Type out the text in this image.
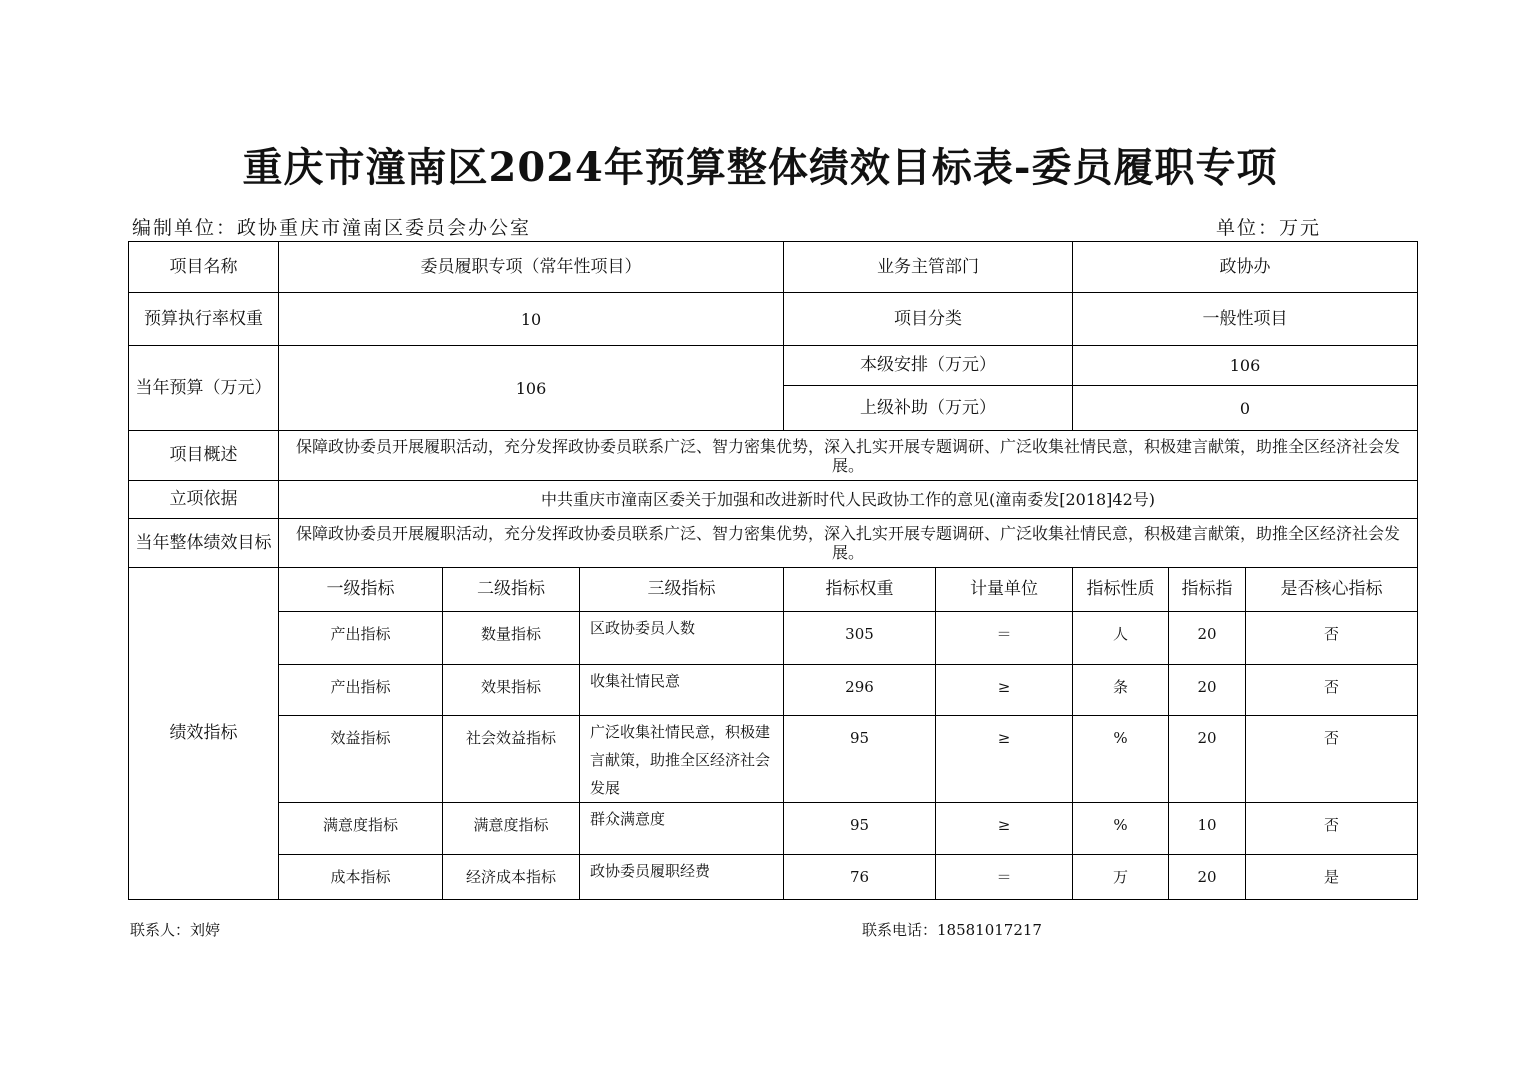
重庆市潼南区2024年预算整体绩效目标表-委员履职专项
编制单位：政协重庆市潼南区委员会办公室	单位：万元
项目名称	委员履职专项（常年性项目）			业务主管部门		政协办		
预算执行率权重	10			项目分类		一般性项目		
当年预算（万元）	106			本级安排（万元）		106		
				上级补助（万元）		0		
项目概述	保障政协委员开展履职活动，充分发挥政协委员联系广泛、智力密集优势，深入扎实开展专题调研、广泛收集社情民意，积极建言献策，助推全区经济社会发展。							
立项依据	中共重庆市潼南区委关于加强和改进新时代人民政协工作的意见(潼南委发[2018]42号)							
当年整体绩效目标	保障政协委员开展履职活动，充分发挥政协委员联系广泛、智力密集优势，深入扎实开展专题调研、广泛收集社情民意，积极建言献策，助推全区经济社会发展。							
绩效指标	一级指标	二级指标	三级指标	指标权重	计量单位	指标性质	指标指	是否核心指标
	产出指标	数量指标	区政协委员人数	305	＝	人	20	否
	产出指标	效果指标	收集社情民意	296	≥	条	20	否
	效益指标	社会效益指标	广泛收集社情民意，积极建言献策，助推全区经济社会发展	95	≥	%	20	否
	满意度指标	满意度指标	群众满意度	95	≥	%	10	否
	成本指标	经济成本指标	政协委员履职经费	76	＝	万	20	是
联系人：刘婷	联系电话：18581017217
